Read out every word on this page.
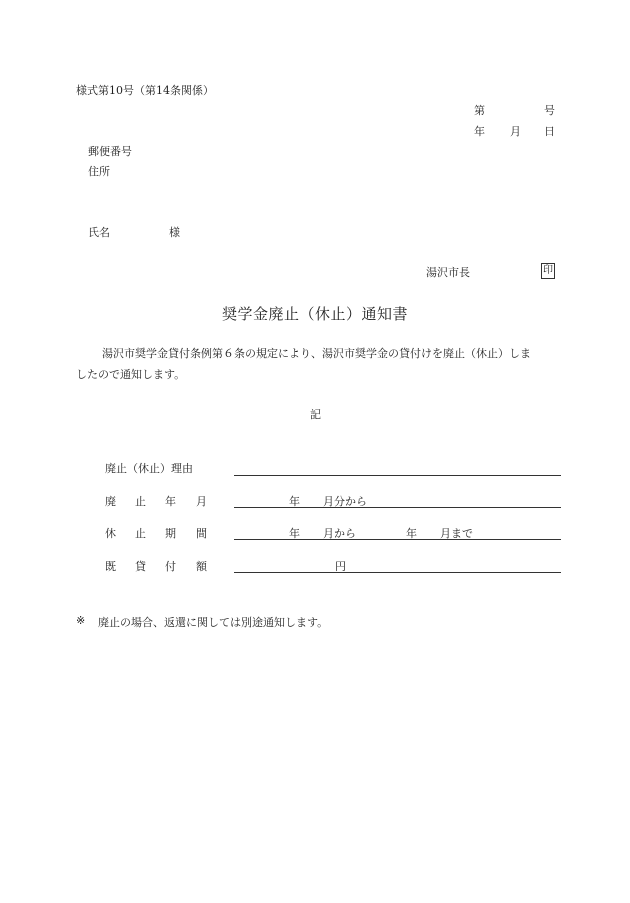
様式第10号（第14条関係）
第	号
年 月 日
郵便番号
住所
氏名	様
湯沢市長	印
奨学金廃止（休止）通知書
湯沢市奨学金貸付条例第６条の規定により、湯沢市奨学金の貸付けを廃止（休止）しま
したので通知します。
記
廃止（休止）理由
廃 止 年 月	年 月分から
休 止 期 間	年 月から	年 月まで
既 貸 付 額	円
※ 廃止の場合、返還に関しては別途通知します。
